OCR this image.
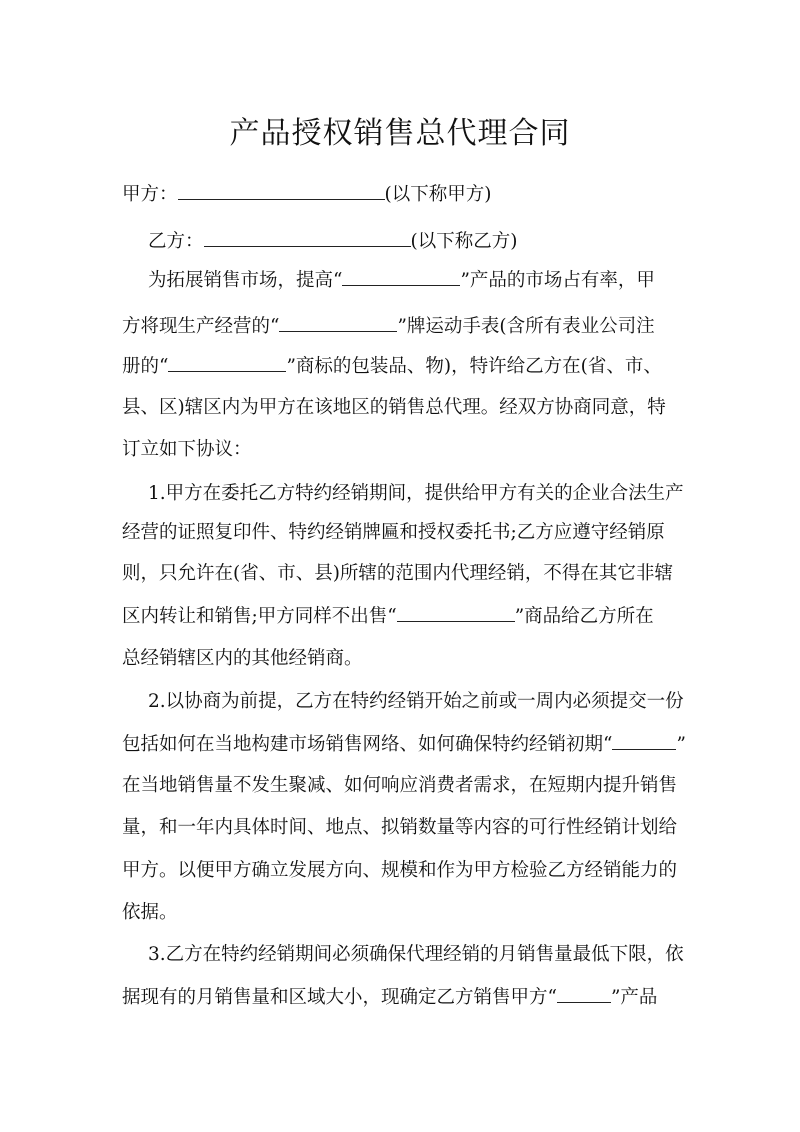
产品授权销售总代理合同

甲方：	(以下称甲方)

乙方：	(以下称乙方)

为拓展销售市场，提高“	”产品的市场占有率，甲

方将现生产经营的“	”牌运动手表(含所有表业公司注

册的“	”商标的包装品、物)，特许给乙方在(省、市、

县、区)辖区内为甲方在该地区的销售总代理。经双方协商同意，特

订立如下协议：

1.甲方在委托乙方特约经销期间，提供给甲方有关的企业合法生产

经营的证照复印件、特约经销牌匾和授权委托书;乙方应遵守经销原

则，只允许在(省、市、县)所辖的范围内代理经销，不得在其它非辖

区内转让和销售;甲方同样不出售“	”商品给乙方所在

总经销辖区内的其他经销商。

2.以协商为前提，乙方在特约经销开始之前或一周内必须提交一份

包括如何在当地构建市场销售网络、如何确保特约经销初期“	”

在当地销售量不发生聚减、如何响应消费者需求，在短期内提升销售

量，和一年内具体时间、地点、拟销数量等内容的可行性经销计划给

甲方。以便甲方确立发展方向、规模和作为甲方检验乙方经销能力的

依据。

3.乙方在特约经销期间必须确保代理经销的月销售量最低下限，依

据现有的月销售量和区域大小，现确定乙方销售甲方“	”产品
